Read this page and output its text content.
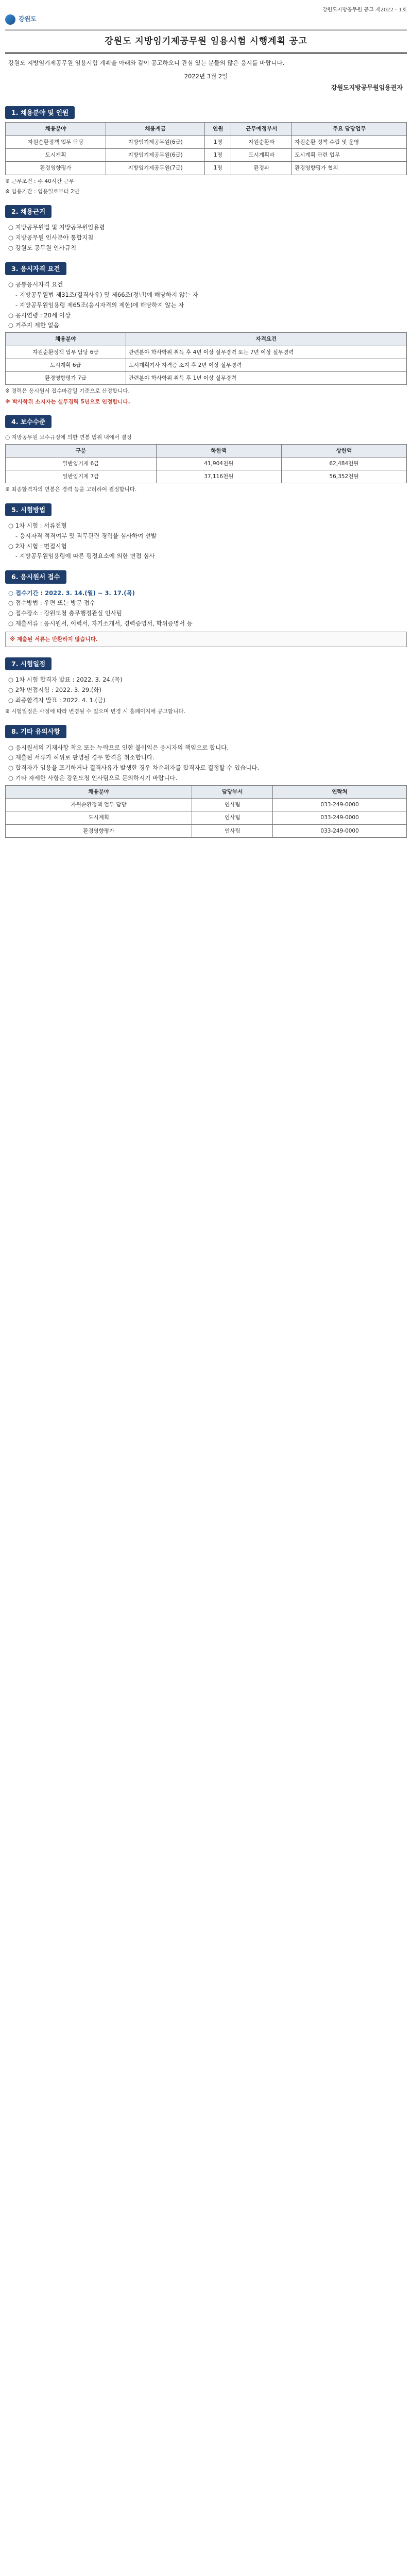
강원도지방공무원 공고 제2022 - 1호
강원도
강원도 지방임기제공무원 임용시험 시행계획 공고
강원도 지방임기제공무원 임용시험 계획을 아래와 같이 공고하오니 관심 있는 분들의 많은 응시를 바랍니다.
2022년 3월 2일
강원도지방공무원임용권자
1. 채용분야 및 인원
채용분야	채용계급	인원	근무예정부서	주요 담당업무
자원순환정책 업무 담당	지방임기제공무원(6급)	1명	자원순환과	자원순환 정책 수립 및 운영
도시계획	지방임기제공무원(6급)	1명	도시계획과	도시계획 관련 업무
환경영향평가	지방임기제공무원(7급)	1명	환경과	환경영향평가 협의
※ 근무조건 : 주 40시간 근무
※ 임용기간 : 임용일로부터 2년
2. 채용근거
○ 지방공무원법 및 지방공무원임용령
○ 지방공무원 인사분야 통합지침
○ 강원도 공무원 인사규칙
3. 응시자격 요건
○ 공통응시자격 요건
- 지방공무원법 제31조(결격사유) 및 제66조(정년)에 해당하지 않는 자
- 지방공무원임용령 제65조(응시자격의 제한)에 해당하지 않는 자
○ 응시연령 : 20세 이상
○ 거주지 제한 없음
채용분야	자격요건
자원순환정책 업무 담당 6급	관련분야 학사학위 취득 후 4년 이상 실무경력 또는 7년 이상 실무경력
도시계획 6급	도시계획기사 자격증 소지 후 2년 이상 실무경력
환경영향평가 7급	관련분야 학사학위 취득 후 1년 이상 실무경력
※ 경력은 응시원서 접수마감일 기준으로 산정합니다.
※ 박사학위 소지자는 실무경력 5년으로 인정합니다.
4. 보수수준
○ 지방공무원 보수규정에 의한 연봉 범위 내에서 결정
구분	하한액	상한액
일반임기제 6급	41,904천원	62,484천원
일반임기제 7급	37,116천원	56,352천원
※ 최종합격자의 연봉은 경력 등을 고려하여 결정합니다.
5. 시험방법
○ 1차 시험 : 서류전형
- 응시자격 적격여부 및 직무관련 경력을 심사하여 선발
○ 2차 시험 : 면접시험
- 지방공무원임용령에 따른 평정요소에 의한 면접 심사
6. 응시원서 접수
○ 접수기간 : 2022. 3. 14.(월) ~ 3. 17.(목)
○ 접수방법 : 우편 또는 방문 접수
○ 접수장소 : 강원도청 총무행정관실 인사팀
○ 제출서류 : 응시원서, 이력서, 자기소개서, 경력증명서, 학위증명서 등
※ 제출된 서류는 반환하지 않습니다.
7. 시험일정
○ 1차 시험 합격자 발표 : 2022. 3. 24.(목)
○ 2차 면접시험 : 2022. 3. 29.(화)
○ 최종합격자 발표 : 2022. 4. 1.(금)
※ 시험일정은 사정에 따라 변경될 수 있으며 변경 시 홈페이지에 공고합니다.
8. 기타 유의사항
○ 응시원서의 기재사항 착오 또는 누락으로 인한 불이익은 응시자의 책임으로 합니다.
○ 제출된 서류가 허위로 판명될 경우 합격을 취소합니다.
○ 합격자가 임용을 포기하거나 결격사유가 발생한 경우 차순위자를 합격자로 결정할 수 있습니다.
○ 기타 자세한 사항은 강원도청 인사팀으로 문의하시기 바랍니다.
채용분야	담당부서	연락처
자원순환정책 업무 담당	인사팀	033-249-0000
도시계획	인사팀	033-249-0000
환경영향평가	인사팀	033-249-0000
